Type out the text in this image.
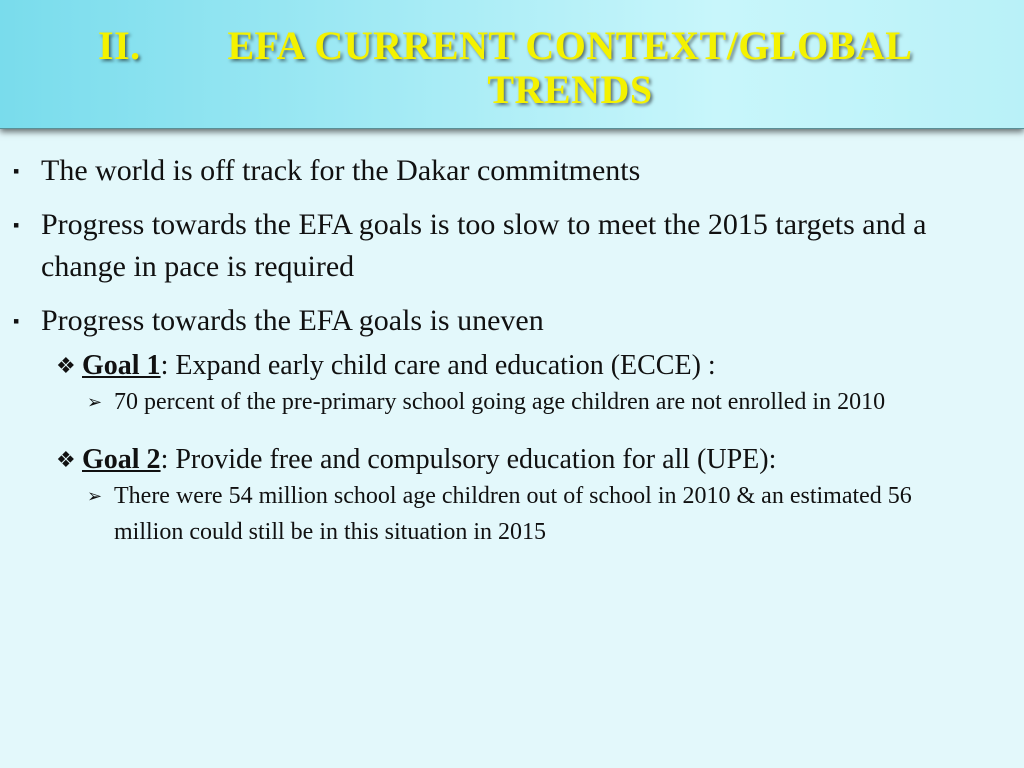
II.	EFA CURRENT CONTEXT/GLOBAL TRENDS
▪ The world is off track for the Dakar commitments
▪ Progress towards the EFA goals is too slow to meet the 2015 targets and a change in pace is required
▪ Progress towards the EFA goals is uneven
❖ Goal 1: Expand early child care and education (ECCE) :
➢ 70 percent of the pre-primary school going age children are not enrolled in 2010
❖ Goal 2: Provide free and compulsory education for all (UPE):
➢ There were 54 million school age children out of school in 2010 & an estimated 56 million could still be in this situation in 2015
